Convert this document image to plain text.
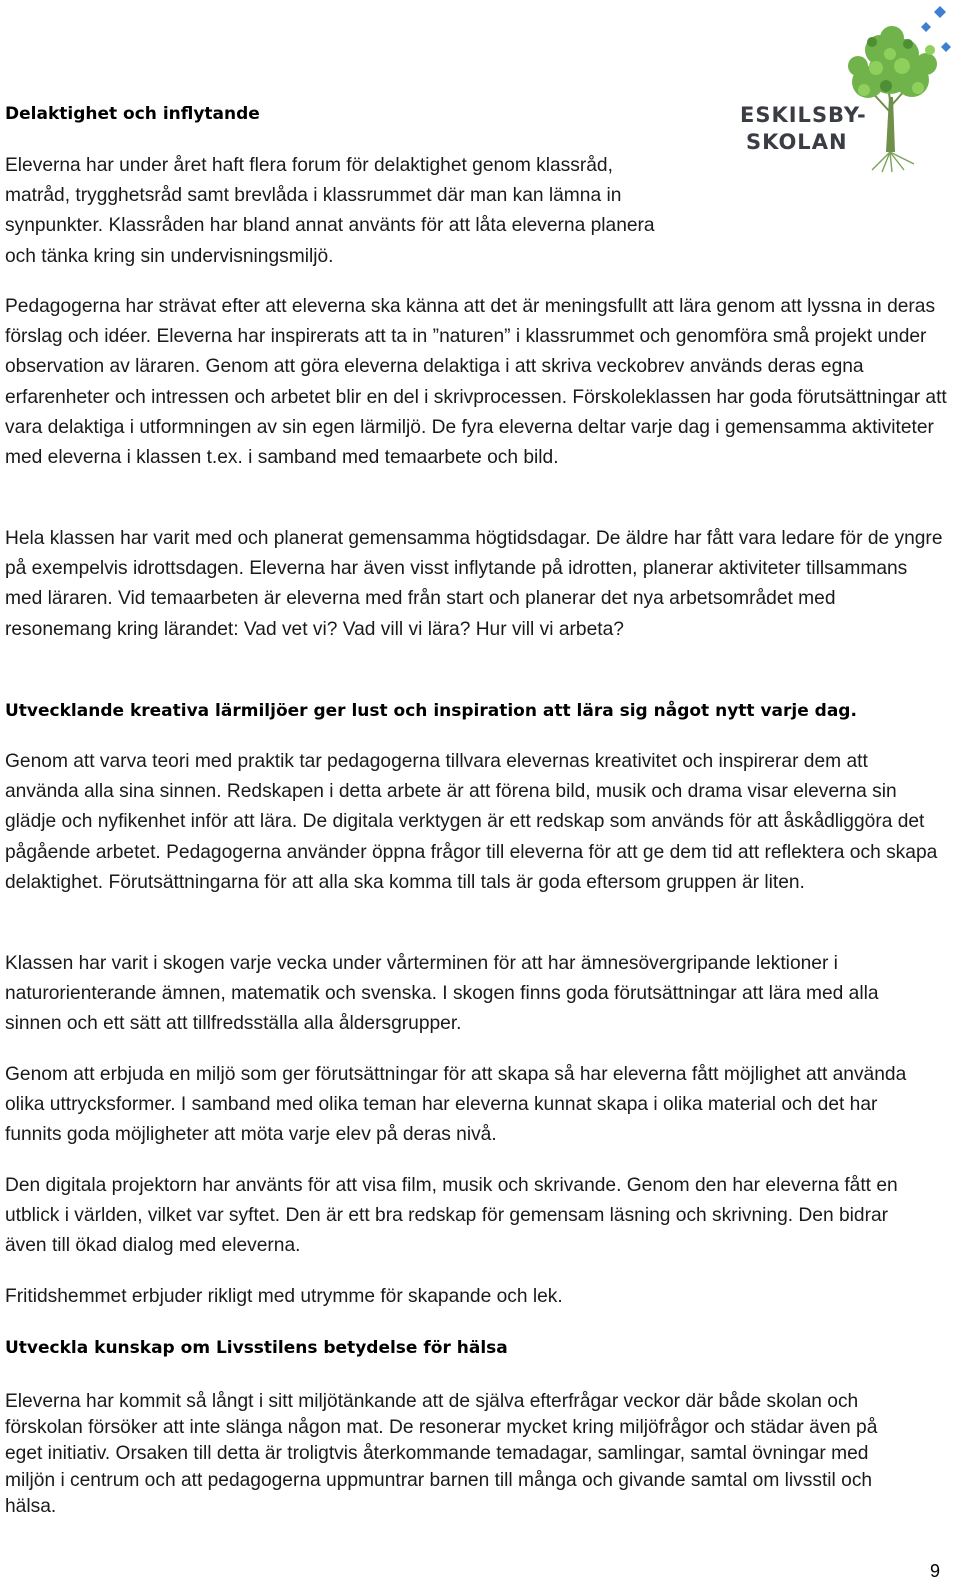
ESKILSBY-
SKOLAN
Delaktighet och inflytande

Eleverna har under året haft flera forum för delaktighet genom klassråd, matråd, trygghetsråd samt brevlåda i klassrummet där man kan lämna in synpunkter. Klassråden har bland annat använts för att låta eleverna planera och tänka kring sin undervisningsmiljö.

Pedagogerna har strävat efter att eleverna ska känna att det är meningsfullt att lära genom att lyssna in deras förslag och idéer. Eleverna har inspirerats att ta in ”naturen” i klassrummet och genomföra små projekt under observation av läraren. Genom att göra eleverna delaktiga i att skriva veckobrev används deras egna erfarenheter och intressen och arbetet blir en del i skrivprocessen. Förskoleklassen har goda förutsättningar att vara delaktiga i utformningen av sin egen lärmiljö. De fyra eleverna deltar varje dag i gemensamma aktiviteter med eleverna i klassen t.ex. i samband med temaarbete och bild.

Hela klassen har varit med och planerat gemensamma högtidsdagar. De äldre har fått vara ledare för de yngre på exempelvis idrottsdagen. Eleverna har även visst inflytande på idrotten, planerar aktiviteter tillsammans med läraren. Vid temaarbeten är eleverna med från start och planerar det nya arbetsområdet med resonemang kring lärandet: Vad vet vi? Vad vill vi lära? Hur vill vi arbeta?

Utvecklande kreativa lärmiljöer ger lust och inspiration att lära sig något nytt varje dag.

Genom att varva teori med praktik tar pedagogerna tillvara elevernas kreativitet och inspirerar dem att använda alla sina sinnen. Redskapen i detta arbete är att förena bild, musik och drama visar eleverna sin glädje och nyfikenhet inför att lära. De digitala verktygen är ett redskap som används för att åskådliggöra det pågående arbetet. Pedagogerna använder öppna frågor till eleverna för att ge dem tid att reflektera och skapa delaktighet. Förutsättningarna för att alla ska komma till tals är goda eftersom gruppen är liten.

Klassen har varit i skogen varje vecka under vårterminen för att har ämnesövergripande lektioner i naturorienterande ämnen, matematik och svenska. I skogen finns goda förutsättningar att lära med alla sinnen och ett sätt att tillfredsställa alla åldersgrupper.

Genom att erbjuda en miljö som ger förutsättningar för att skapa så har eleverna fått möjlighet att använda olika uttrycksformer. I samband med olika teman har eleverna kunnat skapa i olika material och det har funnits goda möjligheter att möta varje elev på deras nivå.

Den digitala projektorn har använts för att visa film, musik och skrivande. Genom den har eleverna fått en utblick i världen, vilket var syftet. Den är ett bra redskap för gemensam läsning och skrivning. Den bidrar även till ökad dialog med eleverna.

Fritidshemmet erbjuder rikligt med utrymme för skapande och lek.

Utveckla kunskap om Livsstilens betydelse för hälsa

Eleverna har kommit så långt i sitt miljötänkande att de själva efterfrågar veckor där både skolan och förskolan försöker att inte slänga någon mat. De resonerar mycket kring miljöfrågor och städar även på eget initiativ. Orsaken till detta är troligtvis återkommande temadagar, samlingar, samtal övningar med miljön i centrum och att pedagogerna uppmuntrar barnen till många och givande samtal om livsstil och hälsa.

9
